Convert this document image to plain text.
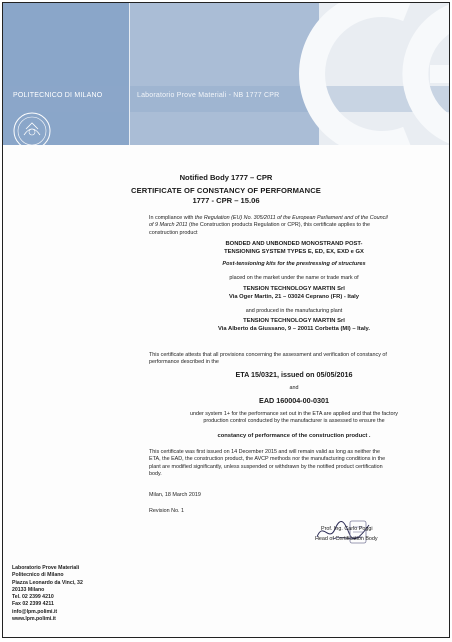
POLITECNICO DI MILANO	Laboratorio Prove Materiali - NB 1777 CPR
Notified Body 1777 – CPR
CERTIFICATE OF CONSTANCY OF PERFORMANCE
1777 - CPR – 15.06
In compliance with the Regulation (EU) No. 305/2011 of the European Parliament and of the Council
of 9 March 2011 (the Construction products Regulation or CPR), this certificate applies to the
construction product
BONDED AND UNBONDED MONOSTRAND POST-
TENSIONING SYSTEM TYPES E, ED, EX, EXD e GX
Post-tensioning kits for the prestressing of structures
placed on the market under the name or trade mark of
TENSION TECHNOLOGY MARTIN Srl
Via Oger Martin, 21 – 03024 Ceprano (FR) - Italy
and produced in the manufacturing plant
TENSION TECHNOLOGY MARTIN Srl
Via Alberto da Giussano, 9 – 20011 Corbetta (MI) – Italy.
This certificate attests that all provisions concerning the assessment and verification of constancy of
performance described in the
ETA 15/0321, issued on 05/05/2016
and
EAD 160004-00-0301
under system 1+ for the performance set out in the ETA are applied and that the factory
production control conducted by the manufacturer is assessed to ensure the
constancy of performance of the construction product .
This certificate was first issued on 14 December 2015 and will remain valid as long as neither the
ETA, the EAD, the construction product, the AVCP methods nor the manufacturing conditions in the
plant are modified significantly, unless suspended or withdrawn by the notified product certification
body.
Milan, 18 March 2019
Revision No. 1
Prof. Ing. Carlo Poggi
Head of Certification Body
Laboratorio Prove Materiali
Politecnico di Milano
Piazza Leonardo da Vinci, 32
20133 Milano
Tel. 02 2399 4210
Fax 02 2399 4211
info@lpm.polimi.it
www.lpm.polimi.it
